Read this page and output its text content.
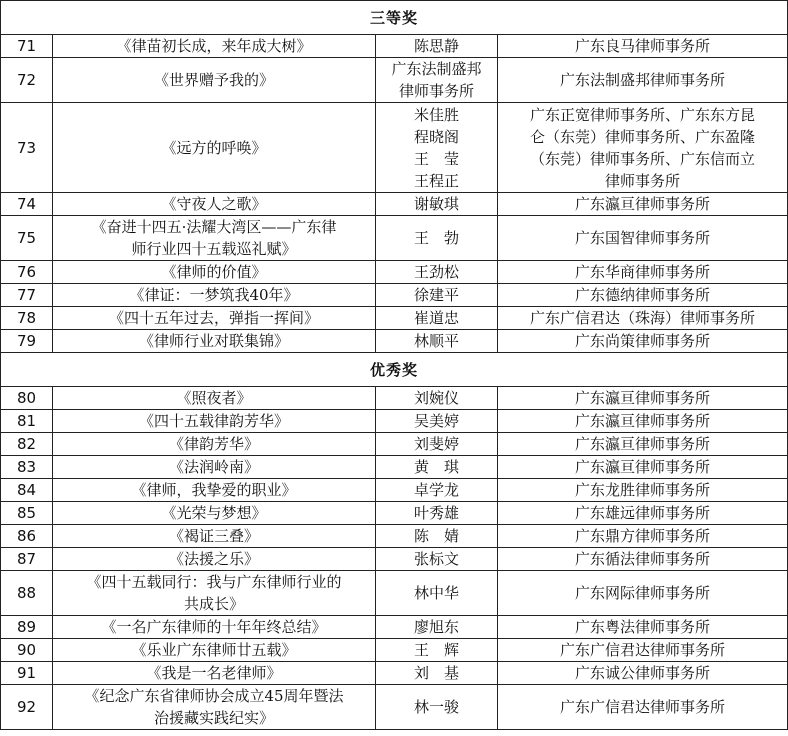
三等奖			
71	《律苗初长成，来年成大树》	陈思静	广东良马律师事务所

72	《世界赠予我的》	广东法制盛邦
律师事务所	广东法制盛邦律师事务所

73	《远方的呼唤》	米佳胜
程晓阁
王　莹
王程正	广东正宽律师事务所、广东东方昆
仑（东莞）律师事务所、广东盈隆
（东莞）律师事务所、广东信而立
律师事务所

74	《守夜人之歌》	谢敏琪	广东瀛亘律师事务所

75	《奋进十四五·法耀大湾区——广东律
师行业四十五载巡礼赋》	王　勃	广东国智律师事务所

76	《律师的价值》	王劲松	广东华商律师事务所

77	《律证：一梦筑我40年》	徐建平	广东德纳律师事务所

78	《四十五年过去，弹指一挥间》	崔道忠	广东广信君达（珠海）律师事务所

79	《律师行业对联集锦》	林顺平	广东尚策律师事务所

优秀奖			
80	《照夜者》	刘婉仪	广东瀛亘律师事务所

81	《四十五载律韵芳华》	吴美婷	广东瀛亘律师事务所

82	《律韵芳华》	刘斐婷	广东瀛亘律师事务所

83	《法润岭南》	黄　琪	广东瀛亘律师事务所

84	《律师，我挚爱的职业》	卓学龙	广东龙胜律师事务所

85	《光荣与梦想》	叶秀雄	广东雄远律师事务所

86	《褐证三叠》	陈　婧	广东鼎方律师事务所

87	《法援之乐》	张标文	广东循法律师事务所

88	《四十五载同行：我与广东律师行业的
共成长》	林中华	广东网际律师事务所

89	《一名广东律师的十年年终总结》	廖旭东	广东粤法律师事务所

90	《乐业广东律师廿五载》	王　辉	广东广信君达律师事务所

91	《我是一名老律师》	刘　基	广东诚公律师事务所

92	《纪念广东省律师协会成立45周年暨法
治援藏实践纪实》	林一骏	广东广信君达律师事务所
